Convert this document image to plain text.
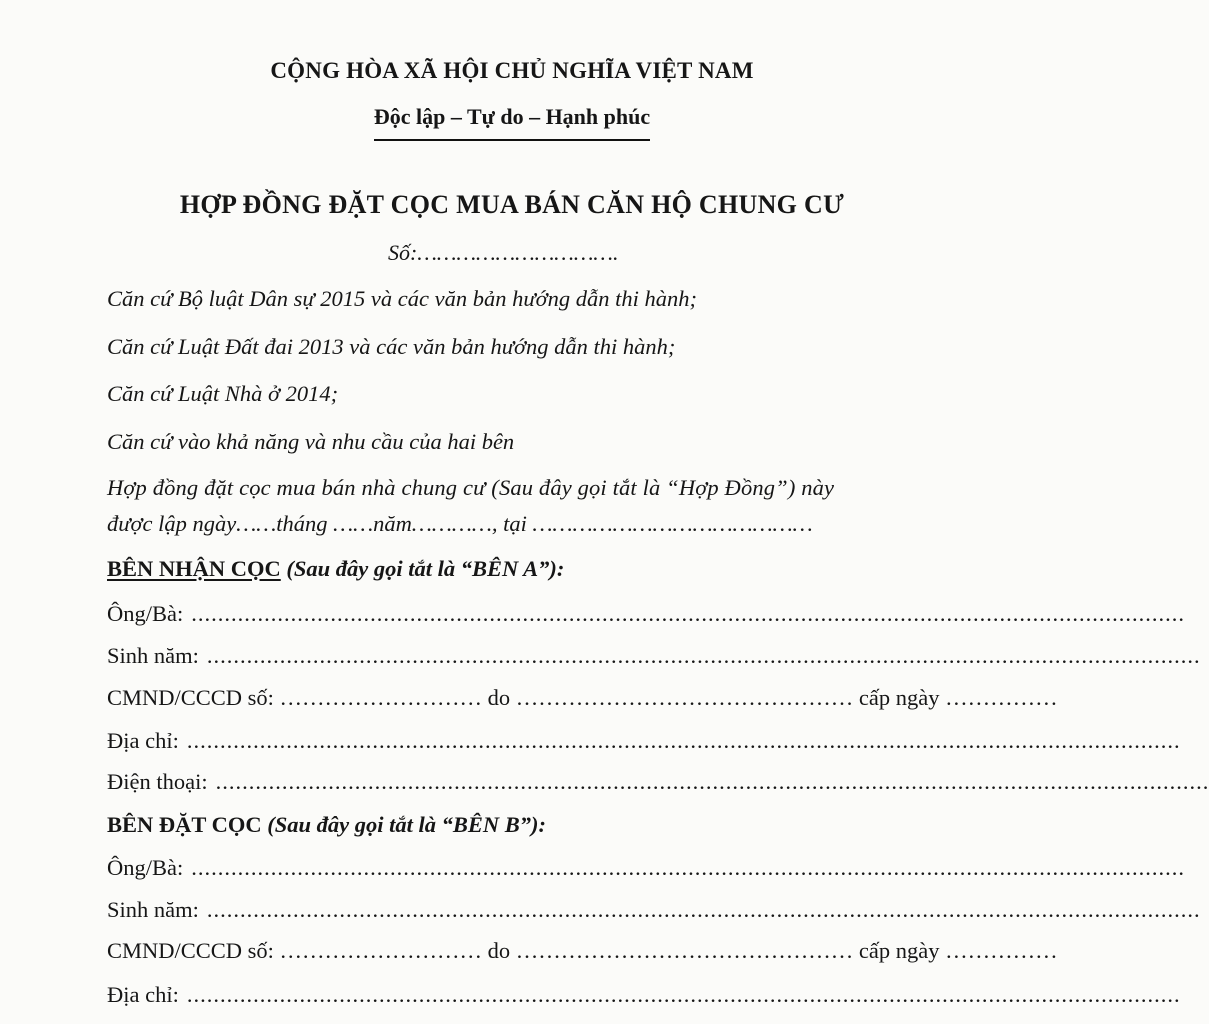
CỘNG HÒA XÃ HỘI CHỦ NGHĨA VIỆT NAM
Độc lập – Tự do – Hạnh phúc
HỢP ĐỒNG ĐẶT CỌC MUA BÁN CĂN HỘ CHUNG CƯ
Số:………………………….
Căn cứ Bộ luật Dân sự 2015 và các văn bản hướng dẫn thi hành;
Căn cứ Luật Đất đai 2013 và các văn bản hướng dẫn thi hành;
Căn cứ Luật Nhà ở 2014;
Căn cứ vào khả năng và nhu cầu của hai bên
Hợp đồng đặt cọc mua bán nhà chung cư (Sau đây gọi tắt là “Hợp Đồng”) này
được lập ngày……tháng ……năm…………, tại ……………………………………
BÊN NHẬN CỌC (Sau đây gọi tắt là “BÊN A”):
Ông/Bà: ......................................................................................................................................................
Sinh năm: ......................................................................................................................................................
CMND/CCCD số: ……………………… do ……………………………………… cấp ngày ……………
Địa chỉ: ......................................................................................................................................................
Điện thoại: ......................................................................................................................................................
BÊN ĐẶT CỌC (Sau đây gọi tắt là “BÊN B”):
Ông/Bà: ......................................................................................................................................................
Sinh năm: ......................................................................................................................................................
CMND/CCCD số: ……………………… do ……………………………………… cấp ngày ……………
Địa chỉ: ......................................................................................................................................................
